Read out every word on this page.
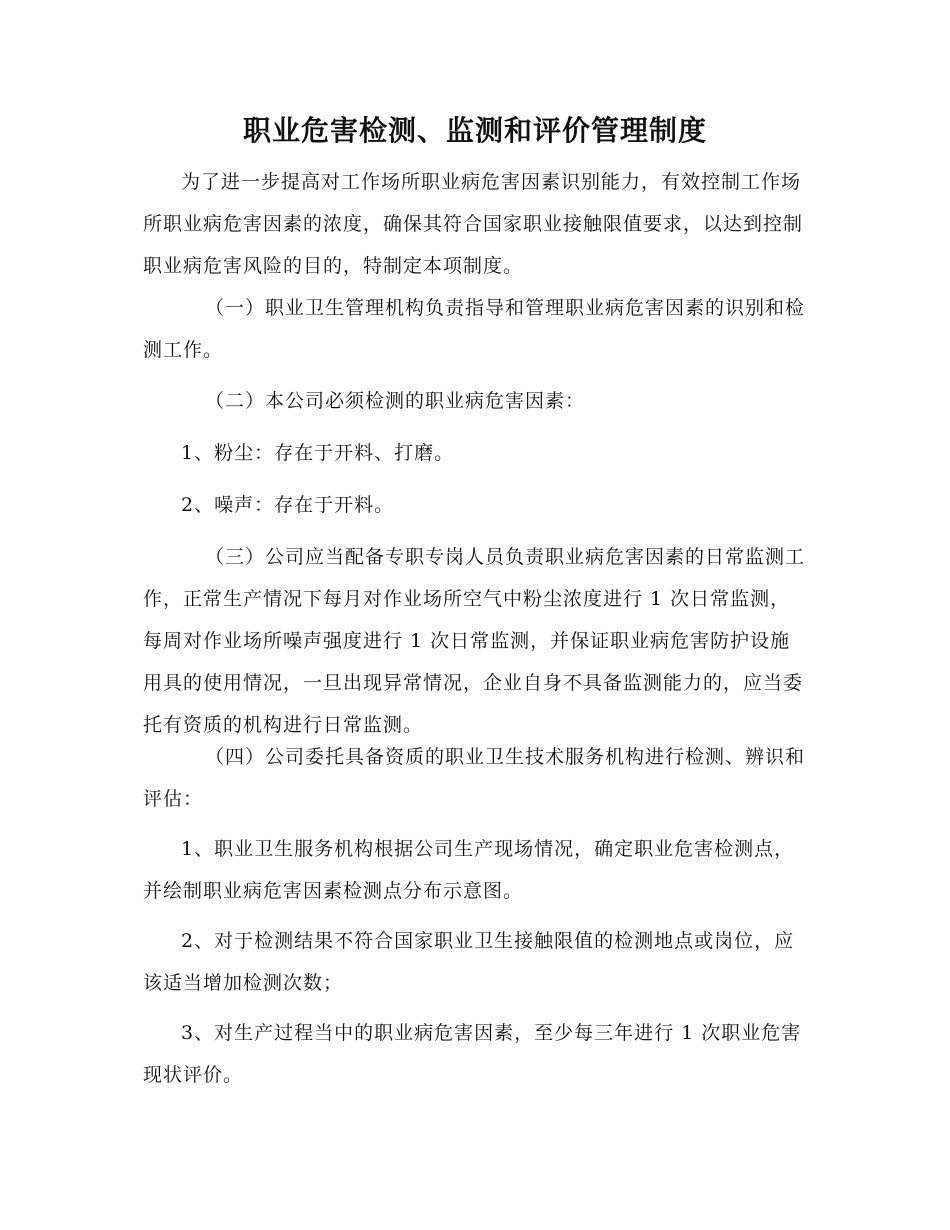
职业危害检测、监测和评价管理制度

为了进一步提高对工作场所职业病危害因素识别能力，有效控制工作场所职业病危害因素的浓度，确保其符合国家职业接触限值要求，以达到控制职业病危害风险的目的，特制定本项制度。

（一）职业卫生管理机构负责指导和管理职业病危害因素的识别和检测工作。

（二）本公司必须检测的职业病危害因素：

1、粉尘：存在于开料、打磨。

2、噪声：存在于开料。

（三）公司应当配备专职专岗人员负责职业病危害因素的日常监测工作，正常生产情况下每月对作业场所空气中粉尘浓度进行 1 次日常监测，每周对作业场所噪声强度进行 1 次日常监测，并保证职业病危害防护设施用具的使用情况，一旦出现异常情况，企业自身不具备监测能力的，应当委托有资质的机构进行日常监测。

（四）公司委托具备资质的职业卫生技术服务机构进行检测、辨识和评估：

1、职业卫生服务机构根据公司生产现场情况，确定职业危害检测点，并绘制职业病危害因素检测点分布示意图。

2、对于检测结果不符合国家职业卫生接触限值的检测地点或岗位，应该适当增加检测次数；

3、对生产过程当中的职业病危害因素，至少每三年进行 1 次职业危害现状评价。
